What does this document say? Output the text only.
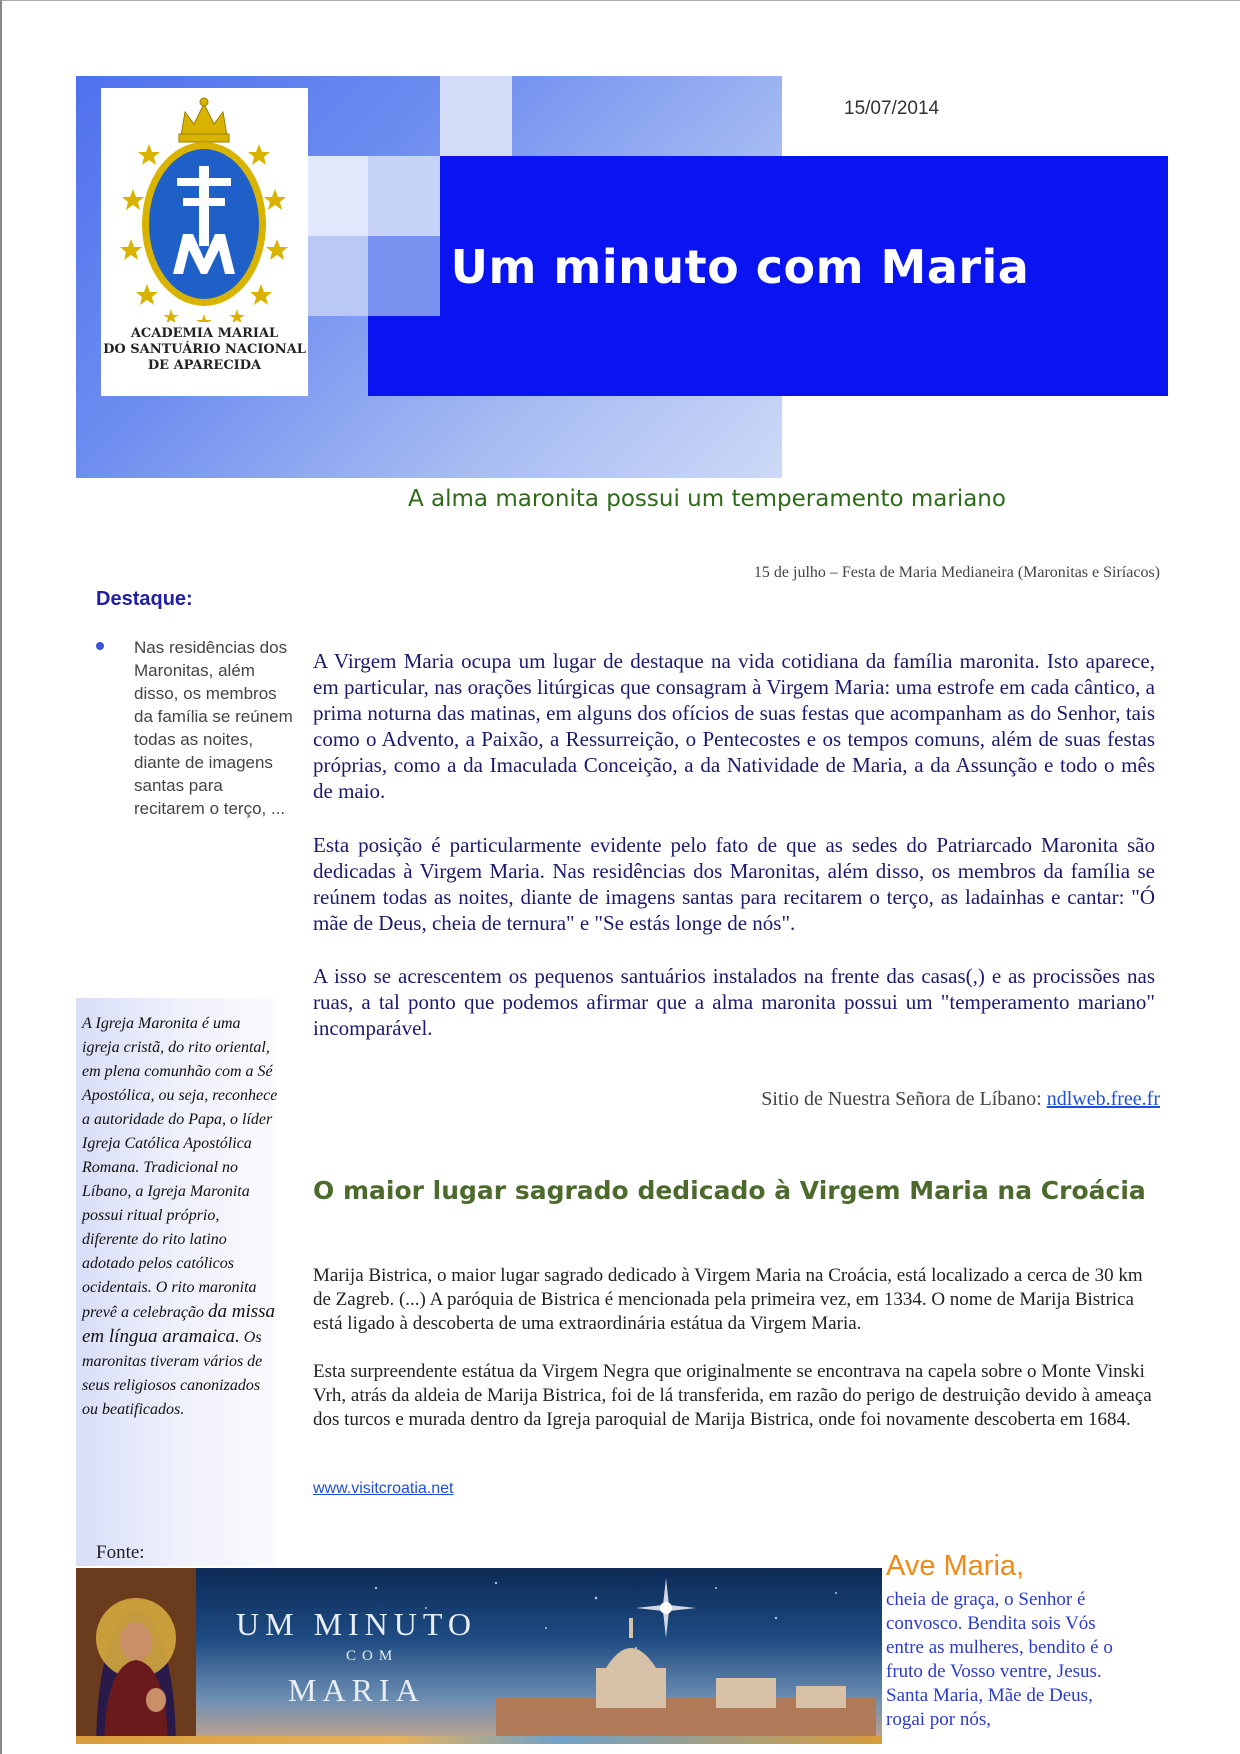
Um minuto com Maria
15/07/2014
ACADEMIA MARIAL
DO SANTUÁRIO NACIONAL
DE APARECIDA
A alma maronita possui um temperamento mariano
15 de julho – Festa de Maria Medianeira (Maronitas e Siríacos)
Destaque:
Nas residências dos Maronitas, além disso, os membros da família se reúnem todas as noites, diante de imagens santas para recitarem o terço, ...
A Igreja Maronita é uma igreja cristã, do rito oriental, em plena comunhão com a Sé Apostólica, ou seja, reconhece a autoridade do Papa, o líder Igreja Católica Apostólica Romana. Tradicional no Líbano, a Igreja Maronita possui ritual próprio, diferente do rito latino adotado pelos católicos ocidentais. O rito maronita prevê a celebração da missa em língua aramaica. Os maronitas tiveram vários de seus religiosos canonizados ou beatificados.
Fonte:

A Virgem Maria ocupa um lugar de destaque na vida cotidiana da família maronita. Isto aparece, em particular, nas orações litúrgicas que consagram à Virgem Maria: uma estrofe em cada cântico, a prima noturna das matinas, em alguns dos ofícios de suas festas que acompanham as do Senhor, tais como o Advento, a Paixão, a Ressurreição, o Pentecostes e os tempos comuns, além de suas festas próprias, como a da Imaculada Conceição, a da Natividade de Maria, a da Assunção e todo o mês de maio.

Esta posição é particularmente evidente pelo fato de que as sedes do Patriarcado Maronita são dedicadas à Virgem Maria. Nas residências dos Maronitas, além disso, os membros da família se reúnem todas as noites, diante de imagens santas para recitarem o terço, as ladainhas e cantar: "Ó mãe de Deus, cheia de ternura" e "Se estás longe de nós".

A isso se acrescentem os pequenos santuários instalados na frente das casas(,) e as procissões nas ruas, a tal ponto que podemos afirmar que a alma maronita possui um "temperamento mariano" incomparável.

Sitio de Nuestra Señora de Líbano: ndlweb.free.fr
O maior lugar sagrado dedicado à Virgem Maria na Croácia

Marija Bistrica, o maior lugar sagrado dedicado à Virgem Maria na Croácia, está localizado a cerca de 30 km de Zagreb. (...) A paróquia de Bistrica é mencionada pela primeira vez, em 1334. O nome de Marija Bistrica está ligado à descoberta de uma extraordinária estátua da Virgem Maria.

Esta surpreendente estátua da Virgem Negra que originalmente se encontrava na capela sobre o Monte Vinski Vrh, atrás da aldeia de Marija Bistrica, foi de lá transferida, em razão do perigo de destruição devido à ameaça dos turcos e murada dentro da Igreja paroquial de Marija Bistrica, onde foi novamente descoberta em 1684.

www.visitcroatia.net
UM MINUTO
COM
MARIA
Ave Maria,
cheia de graça, o Senhor é convosco. Bendita sois Vós entre as mulheres, bendito é o fruto de Vosso ventre, Jesus. Santa Maria, Mãe de Deus, rogai por nós,
